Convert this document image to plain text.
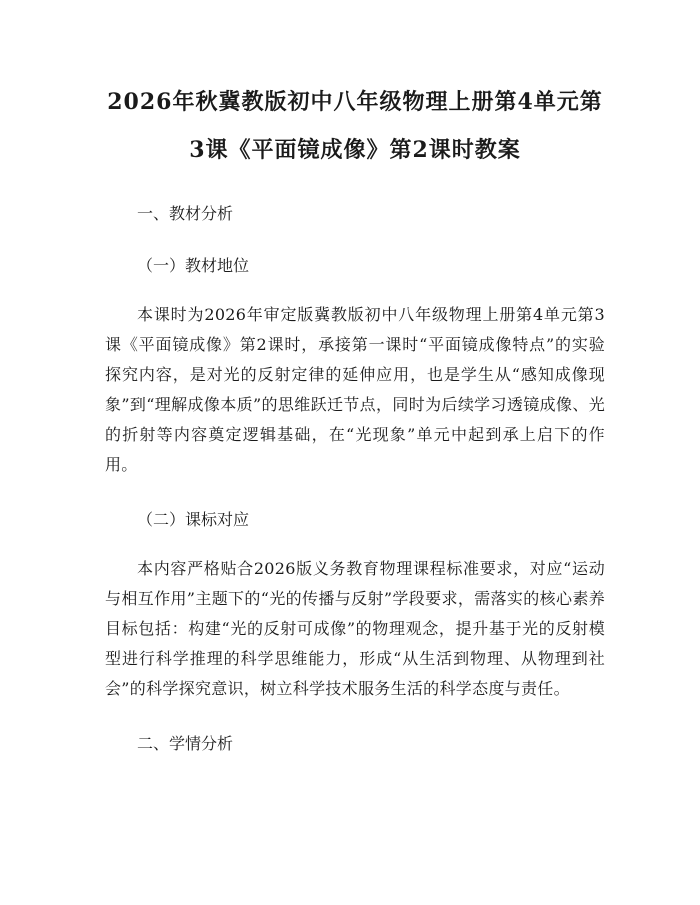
2026年秋冀教版初中八年级物理上册第4单元第3课《平面镜成像》第2课时教案

一、教材分析

（一）教材地位

本课时为2026年审定版冀教版初中八年级物理上册第4单元第3课《平面镜成像》第2课时，承接第一课时“平面镜成像特点”的实验探究内容，是对光的反射定律的延伸应用，也是学生从“感知成像现象”到“理解成像本质”的思维跃迁节点，同时为后续学习透镜成像、光的折射等内容奠定逻辑基础，在“光现象”单元中起到承上启下的作用。

（二）课标对应

本内容严格贴合2026版义务教育物理课程标准要求，对应“运动与相互作用”主题下的“光的传播与反射”学段要求，需落实的核心素养目标包括：构建“光的反射可成像”的物理观念，提升基于光的反射模型进行科学推理的科学思维能力，形成“从生活到物理、从物理到社会”的科学探究意识，树立科学技术服务生活的科学态度与责任。

二、学情分析
